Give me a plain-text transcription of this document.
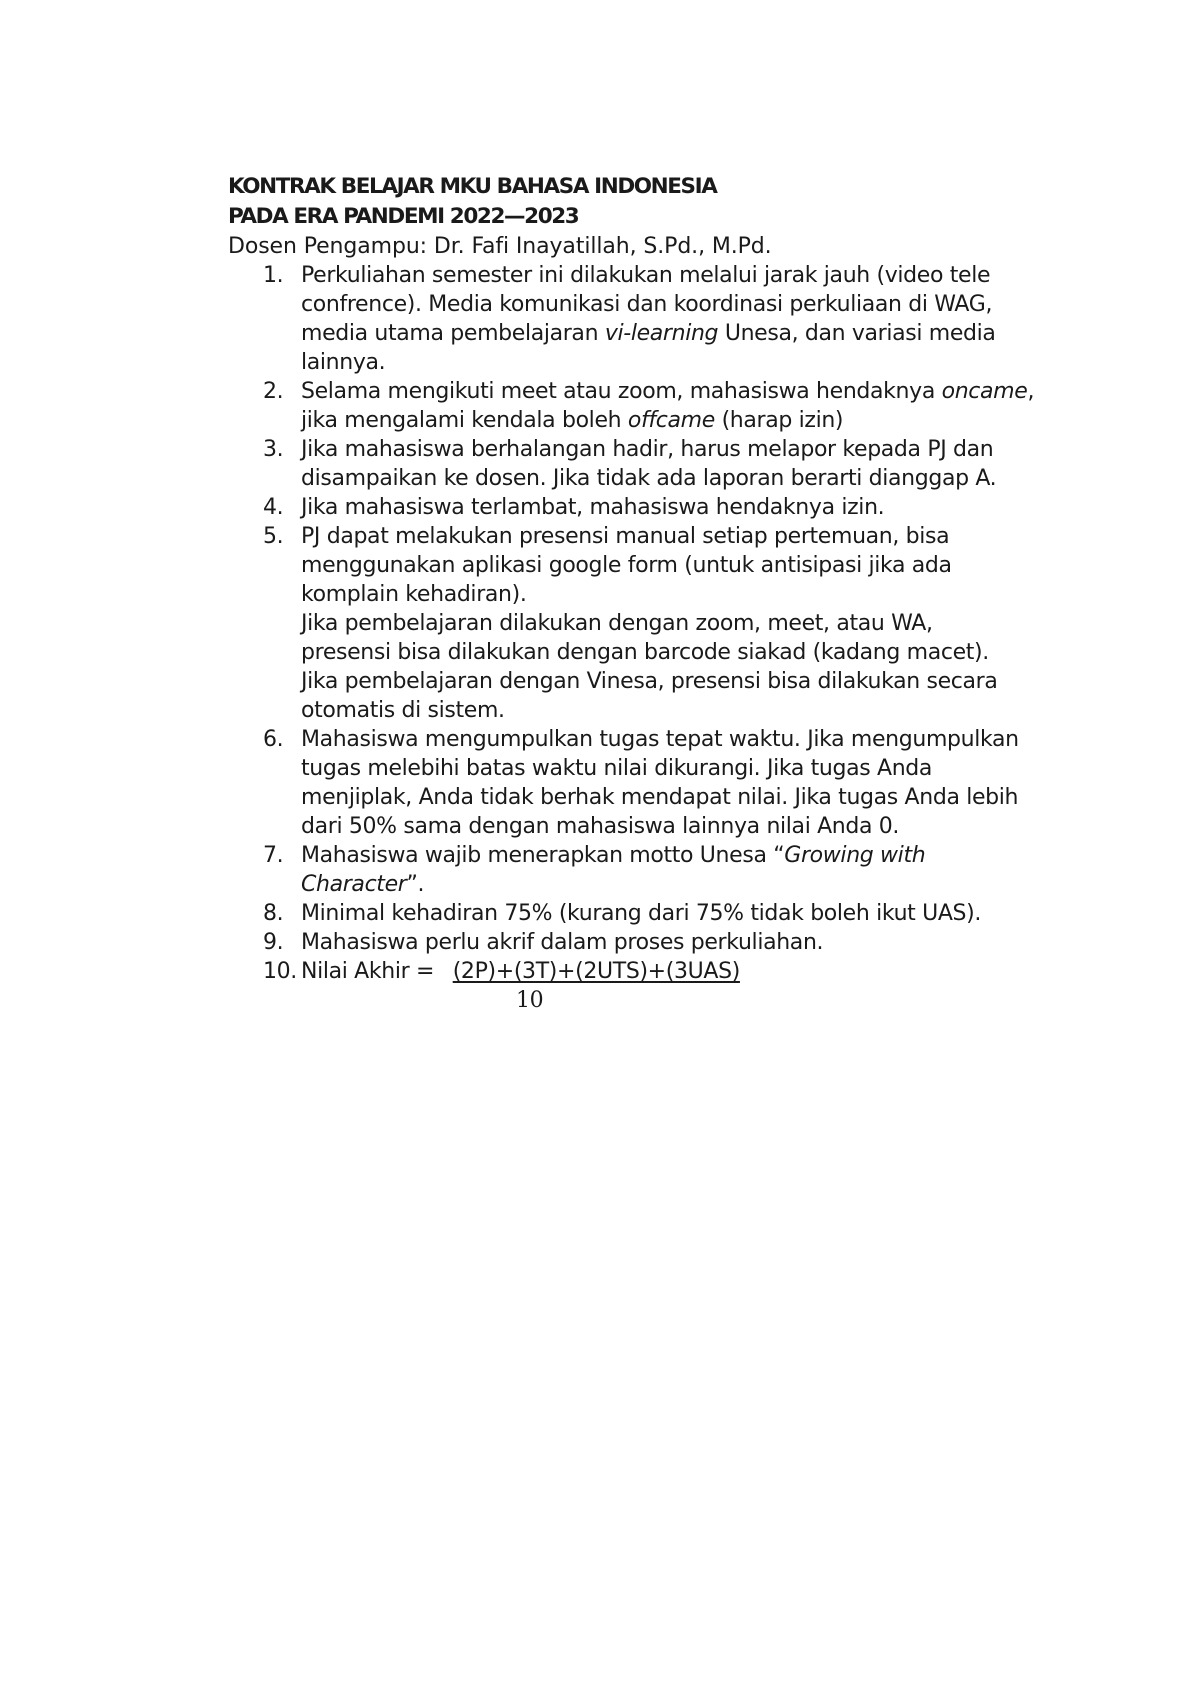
KONTRAK BELAJAR MKU BAHASA INDONESIA

PADA ERA PANDEMI 2022—2023

Dosen Pengampu: Dr. Fafi Inayatillah, S.Pd., M.Pd.

1. Perkuliahan semester ini dilakukan melalui jarak jauh (video tele
confrence). Media komunikasi dan koordinasi perkuliaan di WAG,
media utama pembelajaran vi-learning Unesa, dan variasi media
lainnya.
2. Selama mengikuti meet atau zoom, mahasiswa hendaknya oncame,
jika mengalami kendala boleh offcame (harap izin)
3. Jika mahasiswa berhalangan hadir, harus melapor kepada PJ dan
disampaikan ke dosen. Jika tidak ada laporan berarti dianggap A.
4. Jika mahasiswa terlambat, mahasiswa hendaknya izin.
5. PJ dapat melakukan presensi manual setiap pertemuan, bisa
menggunakan aplikasi google form (untuk antisipasi jika ada
komplain kehadiran).
Jika pembelajaran dilakukan dengan zoom, meet, atau WA,
presensi bisa dilakukan dengan barcode siakad (kadang macet).
Jika pembelajaran dengan Vinesa, presensi bisa dilakukan secara
otomatis di sistem.
6. Mahasiswa mengumpulkan tugas tepat waktu. Jika mengumpulkan
tugas melebihi batas waktu nilai dikurangi. Jika tugas Anda
menjiplak, Anda tidak berhak mendapat nilai. Jika tugas Anda lebih
dari 50% sama dengan mahasiswa lainnya nilai Anda 0.
7. Mahasiswa wajib menerapkan motto Unesa “Growing with
Character”.
8. Minimal kehadiran 75% (kurang dari 75% tidak boleh ikut UAS).
9. Mahasiswa perlu akrif dalam proses perkuliahan.
10. Nilai Akhir = (2P)+(3T)+(2UTS)+(3UAS)
10
